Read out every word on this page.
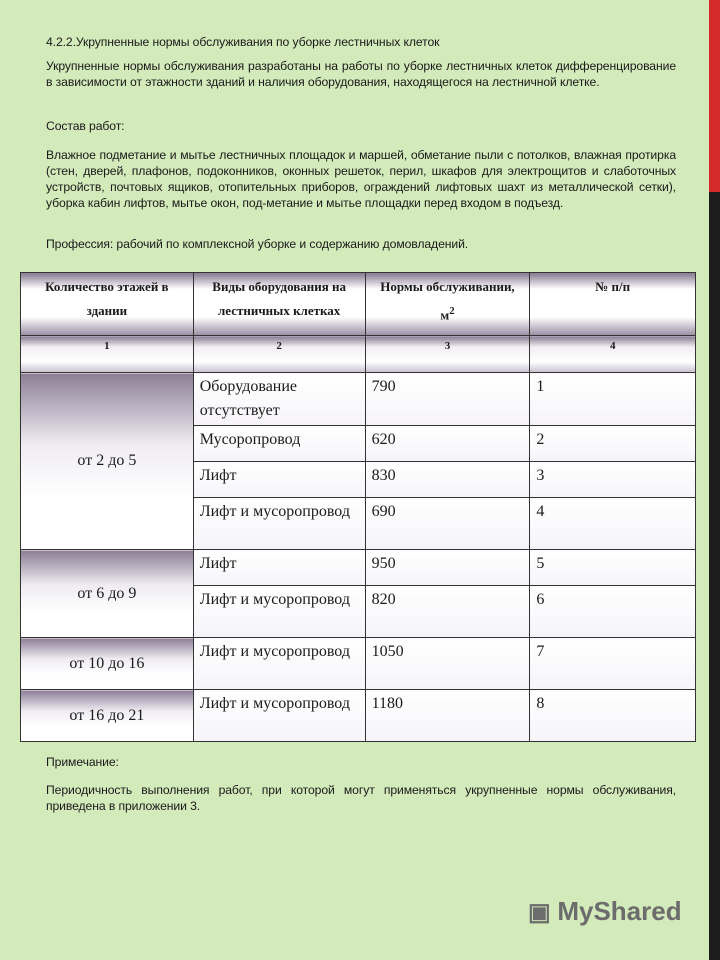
4.2.2.Укрупненные нормы обслуживания по уборке лестничных клеток
Укрупненные нормы обслуживания разработаны на работы по уборке лестничных клеток дифференцирование в зависимости от этажности зданий и наличия оборудования, находящегося на лестничной клетке.
Состав работ:
Влажное подметание и мытье лестничных площадок и маршей, обметание пыли с потолков, влажная протирка (стен, дверей, плафонов, подоконников, оконных решеток, перил, шкафов для электрощитов и слаботочных устройств, почтовых ящиков, отопительных приборов, ограждений лифтовых шахт из металлической сетки), уборка кабин лифтов, мытье окон, под-метание и мытье площадки перед входом в подъезд.
Профессия: рабочий по комплексной уборке и содержанию домовладений.
Количество этажей в здании	Виды оборудования на лестничных клетках	Нормы обслуживании, $м^2$	№ п/п
1	2	3	4
от 2 до 5	Оборудование отсутствует	790	1
	Мусоропровод	620	2
	Лифт	830	3
	Лифт и мусоропровод	690	4
от 6 до 9	Лифт	950	5
	Лифт и мусоропровод	820	6
от 10 до 16	Лифт и мусоропровод	1050	7
от 16 до 21	Лифт и мусоропровод	1180	8
Примечание:
Периодичность выполнения работ, при которой могут применяться укрупненные нормы обслуживания, приведена в приложении 3.
▣ MyShared
